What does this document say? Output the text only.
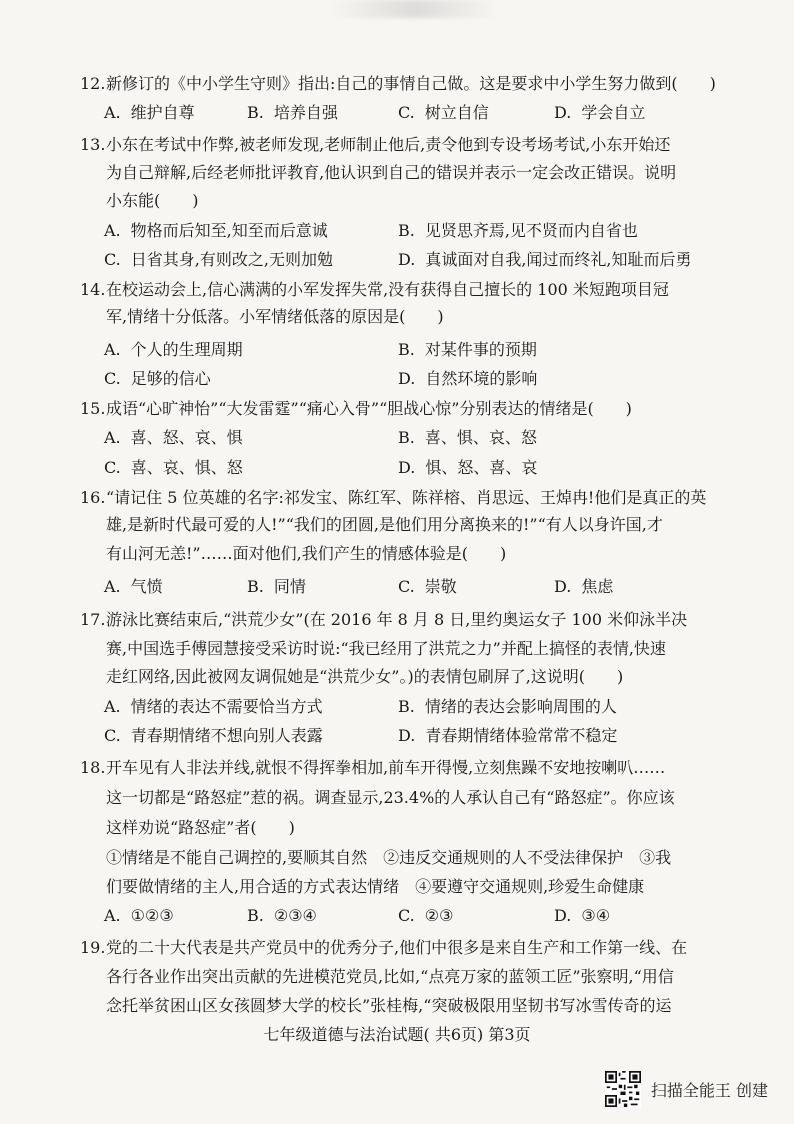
12. 新修订的《中小学生守则》指出:自己的事情自己做。这是要求中小学生努力做到(　　)
A. 维护自尊	B. 培养自强	C. 树立自信	D. 学会自立
13. 小东在考试中作弊,被老师发现,老师制止他后,责令他到专设考场考试,小东开始还
为自己辩解,后经老师批评教育,他认识到自己的错误并表示一定会改正错误。说明
小东能(　　)
A. 物格而后知至,知至而后意诚	B. 见贤思齐焉,见不贤而内自省也
C. 日省其身,有则改之,无则加勉	D. 真诚面对自我,闻过而终礼,知耻而后勇
14. 在校运动会上,信心满满的小军发挥失常,没有获得自己擅长的 100 米短跑项目冠
军,情绪十分低落。小军情绪低落的原因是(　　)
A. 个人的生理周期	B. 对某件事的预期
C. 足够的信心	D. 自然环境的影响
15. 成语“心旷神怡”“大发雷霆”“痛心入骨”“胆战心惊”分别表达的情绪是(　　)
A. 喜、怒、哀、惧	B. 喜、惧、哀、怒
C. 喜、哀、惧、怒	D. 惧、怒、喜、哀
16. “请记住 5 位英雄的名字:祁发宝、陈红军、陈祥榕、肖思远、王焯冉!他们是真正的英
雄,是新时代最可爱的人!”“我们的团圆,是他们用分离换来的!”“有人以身许国,才
有山河无恙!”……面对他们,我们产生的情感体验是(　　)
A. 气愤	B. 同情	C. 崇敬	D. 焦虑
17. 游泳比赛结束后,“洪荒少女”(在 2016 年 8 月 8 日,里约奥运女子 100 米仰泳半决
赛,中国选手傅园慧接受采访时说:“我已经用了洪荒之力”并配上搞怪的表情,快速
走红网络,因此被网友调侃她是“洪荒少女”。)的表情包刷屏了,这说明(　　)
A. 情绪的表达不需要恰当方式	B. 情绪的表达会影响周围的人
C. 青春期情绪不想向别人表露	D. 青春期情绪体验常常不稳定
18. 开车见有人非法并线,就恨不得挥拳相加,前车开得慢,立刻焦躁不安地按喇叭……
这一切都是“路怒症”惹的祸。调查显示,23.4%的人承认自己有“路怒症”。你应该
这样劝说“路怒症”者(　　)
①情绪是不能自己调控的,要顺其自然　②违反交通规则的人不受法律保护　③我
们要做情绪的主人,用合适的方式表达情绪　④要遵守交通规则,珍爱生命健康
A. ①②③	B. ②③④	C. ②③	D. ③④
19. 党的二十大代表是共产党员中的优秀分子,他们中很多是来自生产和工作第一线、在
各行各业作出突出贡献的先进模范党员,比如,“点亮万家的蓝领工匠”张察明,“用信
念托举贫困山区女孩圆梦大学的校长”张桂梅,“突破极限用坚韧书写冰雪传奇的运
七年级道德与法治试题( 共6页) 第3页
扫描全能王 创建
